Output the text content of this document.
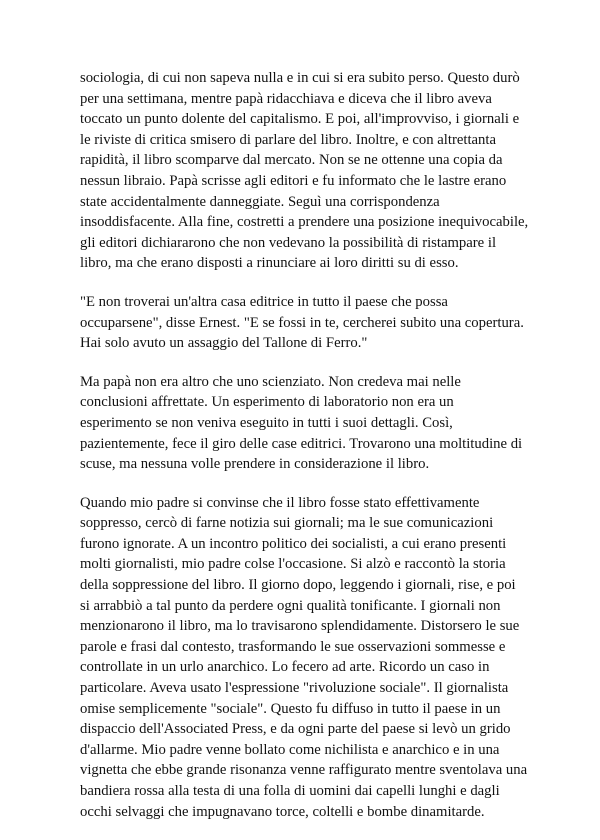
sociologia, di cui non sapeva nulla e in cui si era subito perso. Questo durò
per una settimana, mentre papà ridacchiava e diceva che il libro aveva
toccato un punto dolente del capitalismo. E poi, all'improvviso, i giornali e
le riviste di critica smisero di parlare del libro. Inoltre, e con altrettanta
rapidità, il libro scomparve dal mercato. Non se ne ottenne una copia da
nessun libraio. Papà scrisse agli editori e fu informato che le lastre erano
state accidentalmente danneggiate. Seguì una corrispondenza
insoddisfacente. Alla fine, costretti a prendere una posizione inequivocabile,
gli editori dichiararono che non vedevano la possibilità di ristampare il
libro, ma che erano disposti a rinunciare ai loro diritti su di esso.

"E non troverai un'altra casa editrice in tutto il paese che possa
occuparsene", disse Ernest. "E se fossi in te, cercherei subito una copertura.
Hai solo avuto un assaggio del Tallone di Ferro."

Ma papà non era altro che uno scienziato. Non credeva mai nelle
conclusioni affrettate. Un esperimento di laboratorio non era un
esperimento se non veniva eseguito in tutti i suoi dettagli. Così,
pazientemente, fece il giro delle case editrici. Trovarono una moltitudine di
scuse, ma nessuna volle prendere in considerazione il libro.

Quando mio padre si convinse che il libro fosse stato effettivamente
soppresso, cercò di farne notizia sui giornali; ma le sue comunicazioni
furono ignorate. A un incontro politico dei socialisti, a cui erano presenti
molti giornalisti, mio padre colse l'occasione. Si alzò e raccontò la storia
della soppressione del libro. Il giorno dopo, leggendo i giornali, rise, e poi
si arrabbiò a tal punto da perdere ogni qualità tonificante. I giornali non
menzionarono il libro, ma lo travisarono splendidamente. Distorsero le sue
parole e frasi dal contesto, trasformando le sue osservazioni sommesse e
controllate in un urlo anarchico. Lo fecero ad arte. Ricordo un caso in
particolare. Aveva usato l'espressione "rivoluzione sociale". Il giornalista
omise semplicemente "sociale". Questo fu diffuso in tutto il paese in un
dispaccio dell'Associated Press, e da ogni parte del paese si levò un grido
d'allarme. Mio padre venne bollato come nichilista e anarchico e in una
vignetta che ebbe grande risonanza venne raffigurato mentre sventolava una
bandiera rossa alla testa di una folla di uomini dai capelli lunghi e dagli
occhi selvaggi che impugnavano torce, coltelli e bombe dinamitarde.
